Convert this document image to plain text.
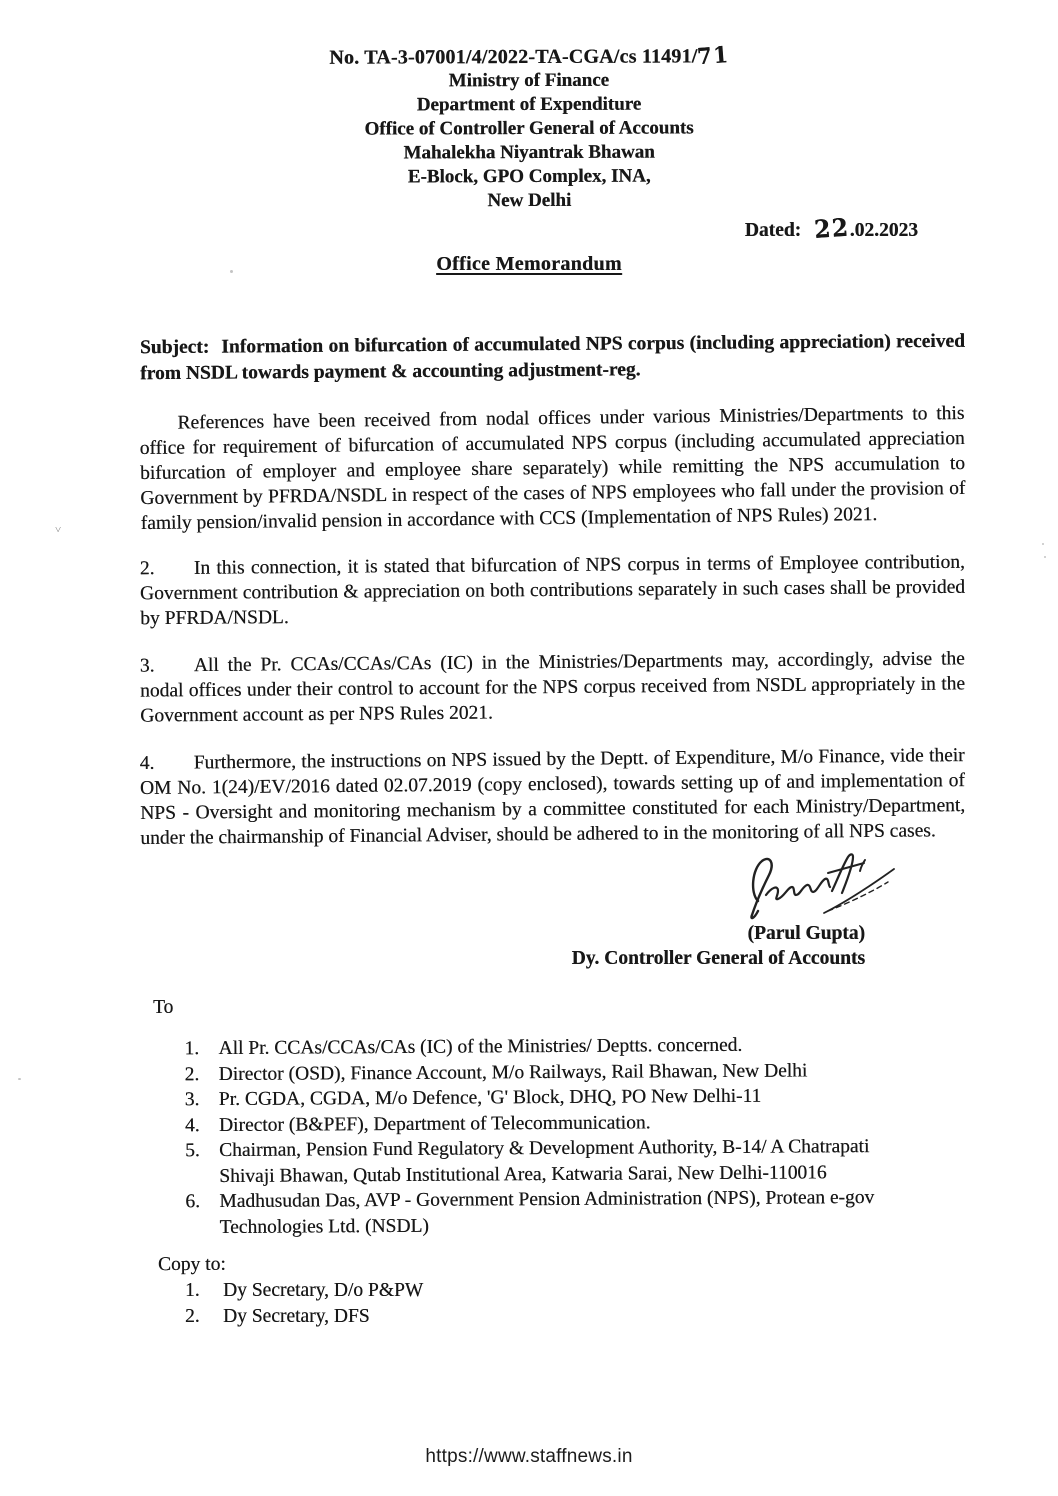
No. TA-3-07001/4/2022-TA-CGA/cs 11491/71
Ministry of Finance
Department of Expenditure
Office of Controller General of Accounts
Mahalekha Niyantrak Bhawan
E-Block, GPO Complex, INA,
New Delhi
Dated: 22.02.2023
Office Memorandum

Subject: Information on bifurcation of accumulated NPS corpus (including appreciation) received from NSDL towards payment & accounting adjustment-reg.

References have been received from nodal offices under various Ministries/Departments to this office for requirement of bifurcation of accumulated NPS corpus (including accumulated appreciation bifurcation of employer and employee share separately) while remitting the NPS accumulation to Government by PFRDA/NSDL in respect of the cases of NPS employees who fall under the provision of family pension/invalid pension in accordance with CCS (Implementation of NPS Rules) 2021.

2. In this connection, it is stated that bifurcation of NPS corpus in terms of Employee contribution, Government contribution & appreciation on both contributions separately in such cases shall be provided by PFRDA/NSDL.

3. All the Pr. CCAs/CCAs/CAs (IC) in the Ministries/Departments may, accordingly, advise the nodal offices under their control to account for the NPS corpus received from NSDL appropriately in the Government account as per NPS Rules 2021.

4. Furthermore, the instructions on NPS issued by the Deptt. of Expenditure, M/o Finance, vide their OM No. 1(24)/EV/2016 dated 02.07.2019 (copy enclosed), towards setting up of and implementation of NPS - Oversight and monitoring mechanism by a committee constituted for each Ministry/Department, under the chairmanship of Financial Adviser, should be adhered to in the monitoring of all NPS cases.

(Parul Gupta)
Dy. Controller General of Accounts
To
1. All Pr. CCAs/CCAs/CAs (IC) of the Ministries/ Deptts. concerned.
2. Director (OSD), Finance Account, M/o Railways, Rail Bhawan, New Delhi
3. Pr. CGDA, CGDA, M/o Defence, 'G' Block, DHQ, PO New Delhi-11
4. Director (B&PEF), Department of Telecommunication.
5. Chairman, Pension Fund Regulatory & Development Authority, B-14/ A Chatrapati Shivaji Bhawan, Qutab Institutional Area, Katwaria Sarai, New Delhi-110016
6. Madhusudan Das, AVP - Government Pension Administration (NPS), Protean e-gov Technologies Ltd. (NSDL)
Copy to:
1.	Dy Secretary, D/o P&PW
2.	Dy Secretary, DFS
https://www.staffnews.in
˅
